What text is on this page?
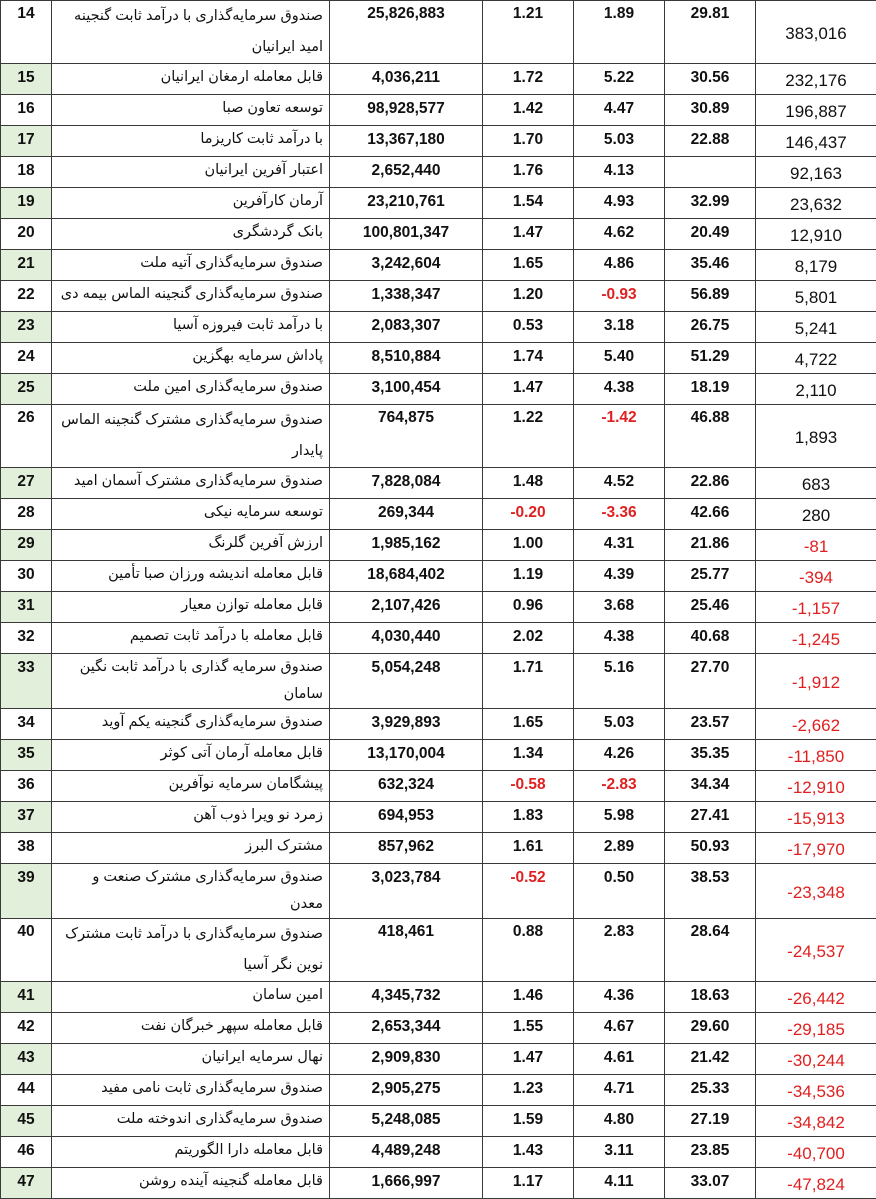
14	صندوق سرمایه‌گذاری با درآمد ثابت گنجینه امید ایرانیان	25,826,883	1.21	1.89	29.81	383,016
15	قابل معامله ارمغان ایرانیان	4,036,211	1.72	5.22	30.56	232,176
16	توسعه تعاون صبا	98,928,577	1.42	4.47	30.89	196,887
17	با درآمد ثابت کاریزما	13,367,180	1.70	5.03	22.88	146,437
18	اعتبار آفرین ایرانیان	2,652,440	1.76	4.13		92,163
19	آرمان کارآفرین	23,210,761	1.54	4.93	32.99	23,632
20	بانک گردشگری	100,801,347	1.47	4.62	20.49	12,910
21	صندوق سرمایه‌گذاری آتیه ملت	3,242,604	1.65	4.86	35.46	8,179
22	صندوق سرمایه‌گذاری گنجینه الماس بیمه دی	1,338,347	1.20	-0.93	56.89	5,801
23	با درآمد ثابت فیروزه آسیا	2,083,307	0.53	3.18	26.75	5,241
24	پاداش سرمایه بهگزین	8,510,884	1.74	5.40	51.29	4,722
25	صندوق سرمایه‌گذاری امین ملت	3,100,454	1.47	4.38	18.19	2,110
26	صندوق سرمایه‌گذاری مشترک گنجینه الماس پایدار	764,875	1.22	-1.42	46.88	1,893
27	صندوق سرمایه‌گذاری مشترک آسمان امید	7,828,084	1.48	4.52	22.86	683
28	توسعه سرمایه نیکی	269,344	-0.20	-3.36	42.66	280
29	ارزش آفرین گلرنگ	1,985,162	1.00	4.31	21.86	-81
30	قابل معامله اندیشه ورزان صبا تأمین	18,684,402	1.19	4.39	25.77	-394
31	قابل معامله توازن معیار	2,107,426	0.96	3.68	25.46	-1,157
32	قابل معامله با درآمد ثابت تصمیم	4,030,440	2.02	4.38	40.68	-1,245
33	صندوق سرمایه گذاری با درآمد ثابت نگین سامان	5,054,248	1.71	5.16	27.70	-1,912
34	صندوق سرمایه‌گذاری گنجینه یکم آوید	3,929,893	1.65	5.03	23.57	-2,662
35	قابل معامله آرمان آتی کوثر	13,170,004	1.34	4.26	35.35	-11,850
36	پیشگامان سرمایه نوآفرین	632,324	-0.58	-2.83	34.34	-12,910
37	زمرد نو ویرا ذوب آهن	694,953	1.83	5.98	27.41	-15,913
38	مشترک البرز	857,962	1.61	2.89	50.93	-17,970
39	صندوق سرمایه‌گذاری مشترک صنعت و معدن	3,023,784	-0.52	0.50	38.53	-23,348
40	صندوق سرمایه‌گذاری با درآمد ثابت مشترک نوین نگر آسیا	418,461	0.88	2.83	28.64	-24,537
41	امین سامان	4,345,732	1.46	4.36	18.63	-26,442
42	قابل معامله سپهر خبرگان نفت	2,653,344	1.55	4.67	29.60	-29,185
43	نهال سرمایه ایرانیان	2,909,830	1.47	4.61	21.42	-30,244
44	صندوق سرمایه‌گذاری ثابت نامی مفید	2,905,275	1.23	4.71	25.33	-34,536
45	صندوق سرمایه‌گذاری اندوخته ملت	5,248,085	1.59	4.80	27.19	-34,842
46	قابل معامله دارا الگوریتم	4,489,248	1.43	3.11	23.85	-40,700
47	قابل معامله گنجینه آینده روشن	1,666,997	1.17	4.11	33.07	-47,824
